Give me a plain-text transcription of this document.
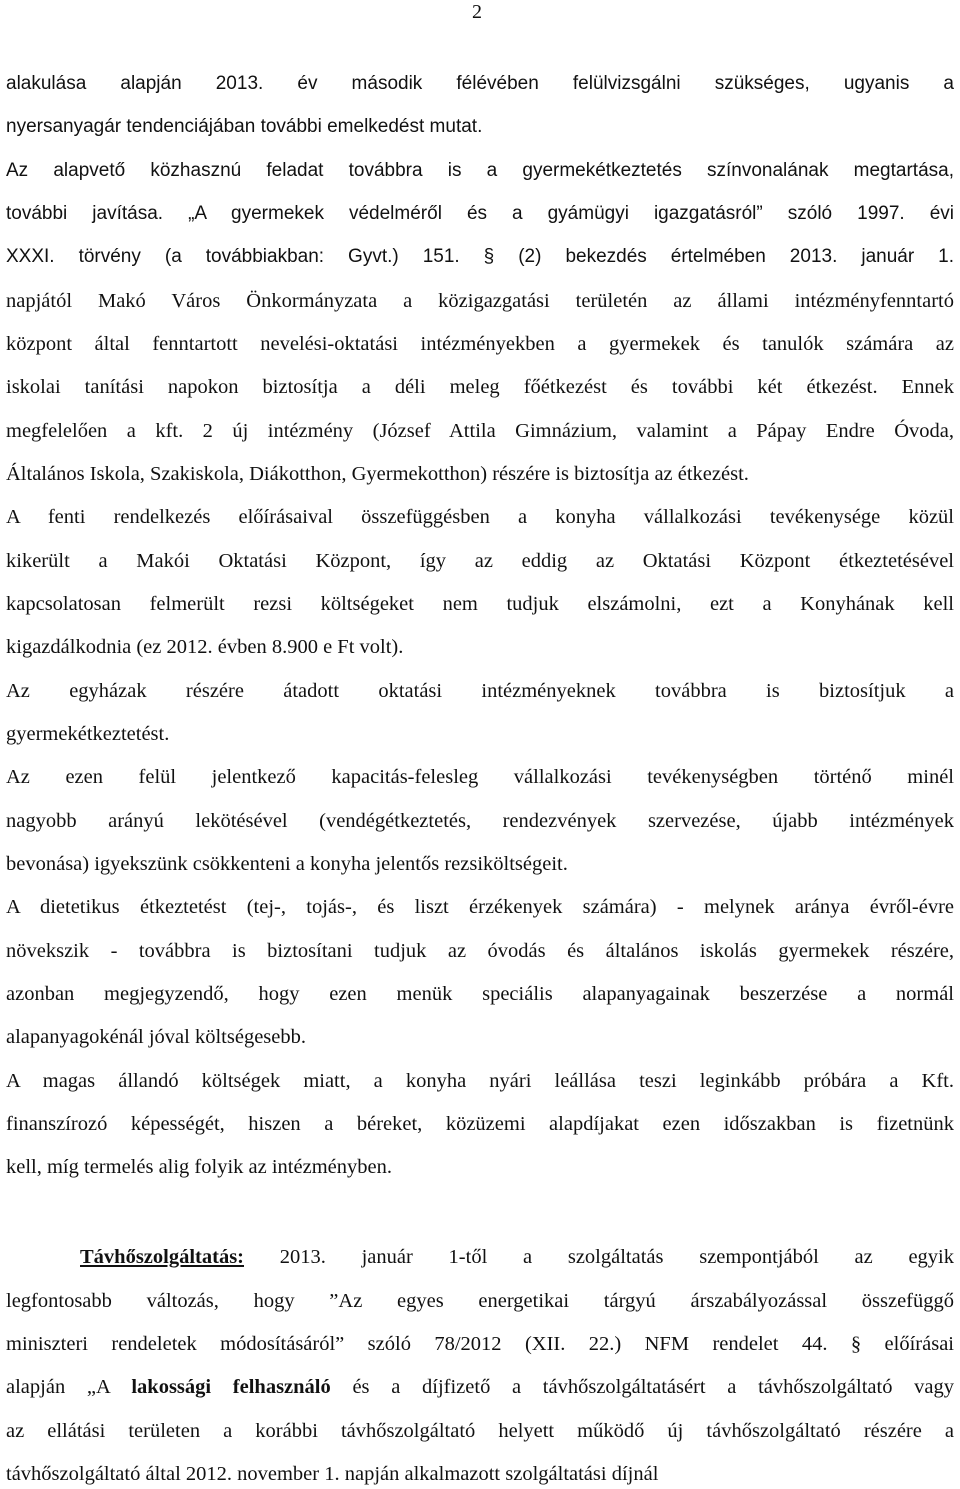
2
alakulása alapján 2013. év második félévében felülvizsgálni szükséges, ugyanis a
nyersanyagár tendenciájában további emelkedést mutat.
Az alapvető közhasznú feladat továbbra is a gyermekétkeztetés színvonalának megtartása,
további javítása. „A gyermekek védelméről és a gyámügyi igazgatásról” szóló 1997. évi
XXXI. törvény (a továbbiakban: Gyvt.) 151. § (2) bekezdés értelmében 2013. január 1.
napjától Makó Város Önkormányzata a közigazgatási területén az állami intézményfenntartó
központ által fenntartott nevelési-oktatási intézményekben a gyermekek és tanulók számára az
iskolai tanítási napokon biztosítja a déli meleg főétkezést és további két étkezést. Ennek
megfelelően a kft. 2 új intézmény (József Attila Gimnázium, valamint a Pápay Endre Óvoda,
Általános Iskola, Szakiskola, Diákotthon, Gyermekotthon) részére is biztosítja az étkezést.
A fenti rendelkezés előírásaival összefüggésben a konyha vállalkozási tevékenysége közül
kikerült a Makói Oktatási Központ, így az eddig az Oktatási Központ étkeztetésével
kapcsolatosan felmerült rezsi költségeket nem tudjuk elszámolni, ezt a Konyhának kell
kigazdálkodnia (ez 2012. évben 8.900 e Ft volt).
Az egyházak részére átadott oktatási intézményeknek továbbra is biztosítjuk a
gyermekétkeztetést.
Az ezen felül jelentkező kapacitás-felesleg vállalkozási tevékenységben történő minél
nagyobb arányú lekötésével (vendégétkeztetés, rendezvények szervezése, újabb intézmények
bevonása) igyekszünk csökkenteni a konyha jelentős rezsiköltségeit.
A dietetikus étkeztetést (tej-, tojás-, és liszt érzékenyek számára) - melynek aránya évről-évre
növekszik - továbbra is biztosítani tudjuk az óvodás és általános iskolás gyermekek részére,
azonban megjegyzendő, hogy ezen menük speciális alapanyagainak beszerzése a normál
alapanyagokénál jóval költségesebb.
A magas állandó költségek miatt, a konyha nyári leállása teszi leginkább próbára a Kft.
finanszírozó képességét, hiszen a béreket, közüzemi alapdíjakat ezen időszakban is fizetnünk
kell, míg termelés alig folyik az intézményben.
Távhőszolgáltatás: 2013. január 1-től a szolgáltatás szempontjából az egyik
legfontosabb változás, hogy ”Az egyes energetikai tárgyú árszabályozással összefüggő
miniszteri rendeletek módosításáról” szóló 78/2012 (XII. 22.) NFM rendelet 44. § előírásai
alapján „A lakossági felhasználó és a díjfizető a távhőszolgáltatásért a távhőszolgáltató vagy
az ellátási területen a korábbi távhőszolgáltató helyett működő új távhőszolgáltató részére a
távhőszolgáltató által 2012. november 1. napján alkalmazott szolgáltatási díjnál
